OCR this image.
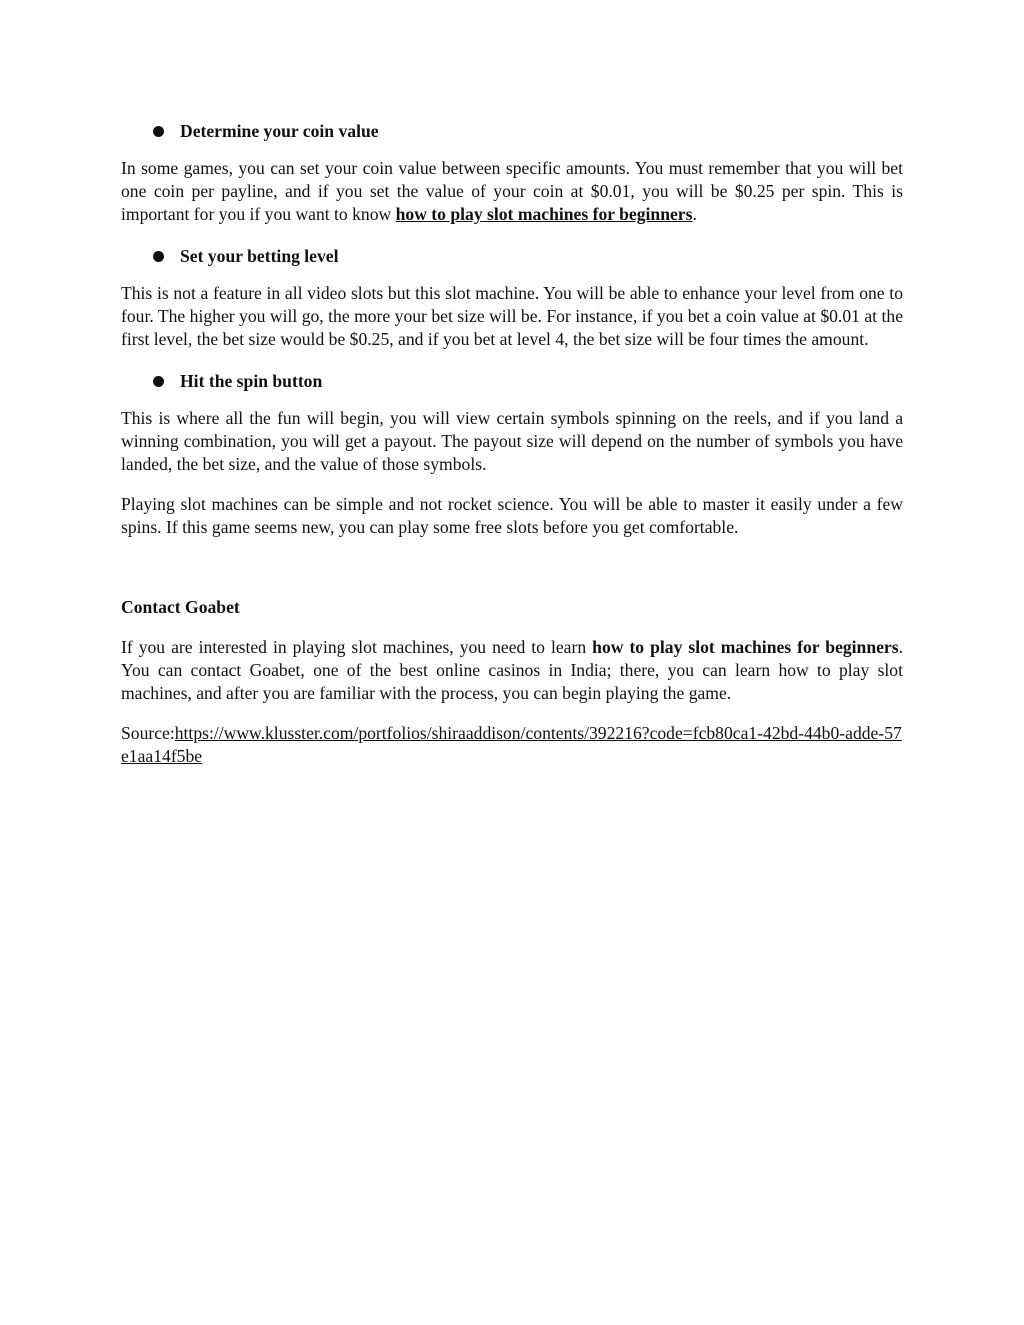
Determine your coin value

In some games, you can set your coin value between specific amounts. You must remember that you will bet one coin per payline, and if you set the value of your coin at $0.01, you will be $0.25 per spin. This is important for you if you want to know how to play slot machines for beginners.

Set your betting level

This is not a feature in all video slots but this slot machine. You will be able to enhance your level from one to four. The higher you will go, the more your bet size will be. For instance, if you bet a coin value at $0.01 at the first level, the bet size would be $0.25, and if you bet at level 4, the bet size will be four times the amount.

Hit the spin button

This is where all the fun will begin, you will view certain symbols spinning on the reels, and if you land a winning combination, you will get a payout. The payout size will depend on the number of symbols you have landed, the bet size, and the value of those symbols.

Playing slot machines can be simple and not rocket science. You will be able to master it easily under a few spins. If this game seems new, you can play some free slots before you get comfortable.

Contact Goabet

If you are interested in playing slot machines, you need to learn how to play slot machines for beginners. You can contact Goabet, one of the best online casinos in India; there, you can learn how to play slot machines, and after you are familiar with the process, you can begin playing the game.

Source:https://www.klusster.com/portfolios/shiraaddison/contents/392216?code=fcb80ca1-42bd-44b0-adde-57e1aa14f5be
